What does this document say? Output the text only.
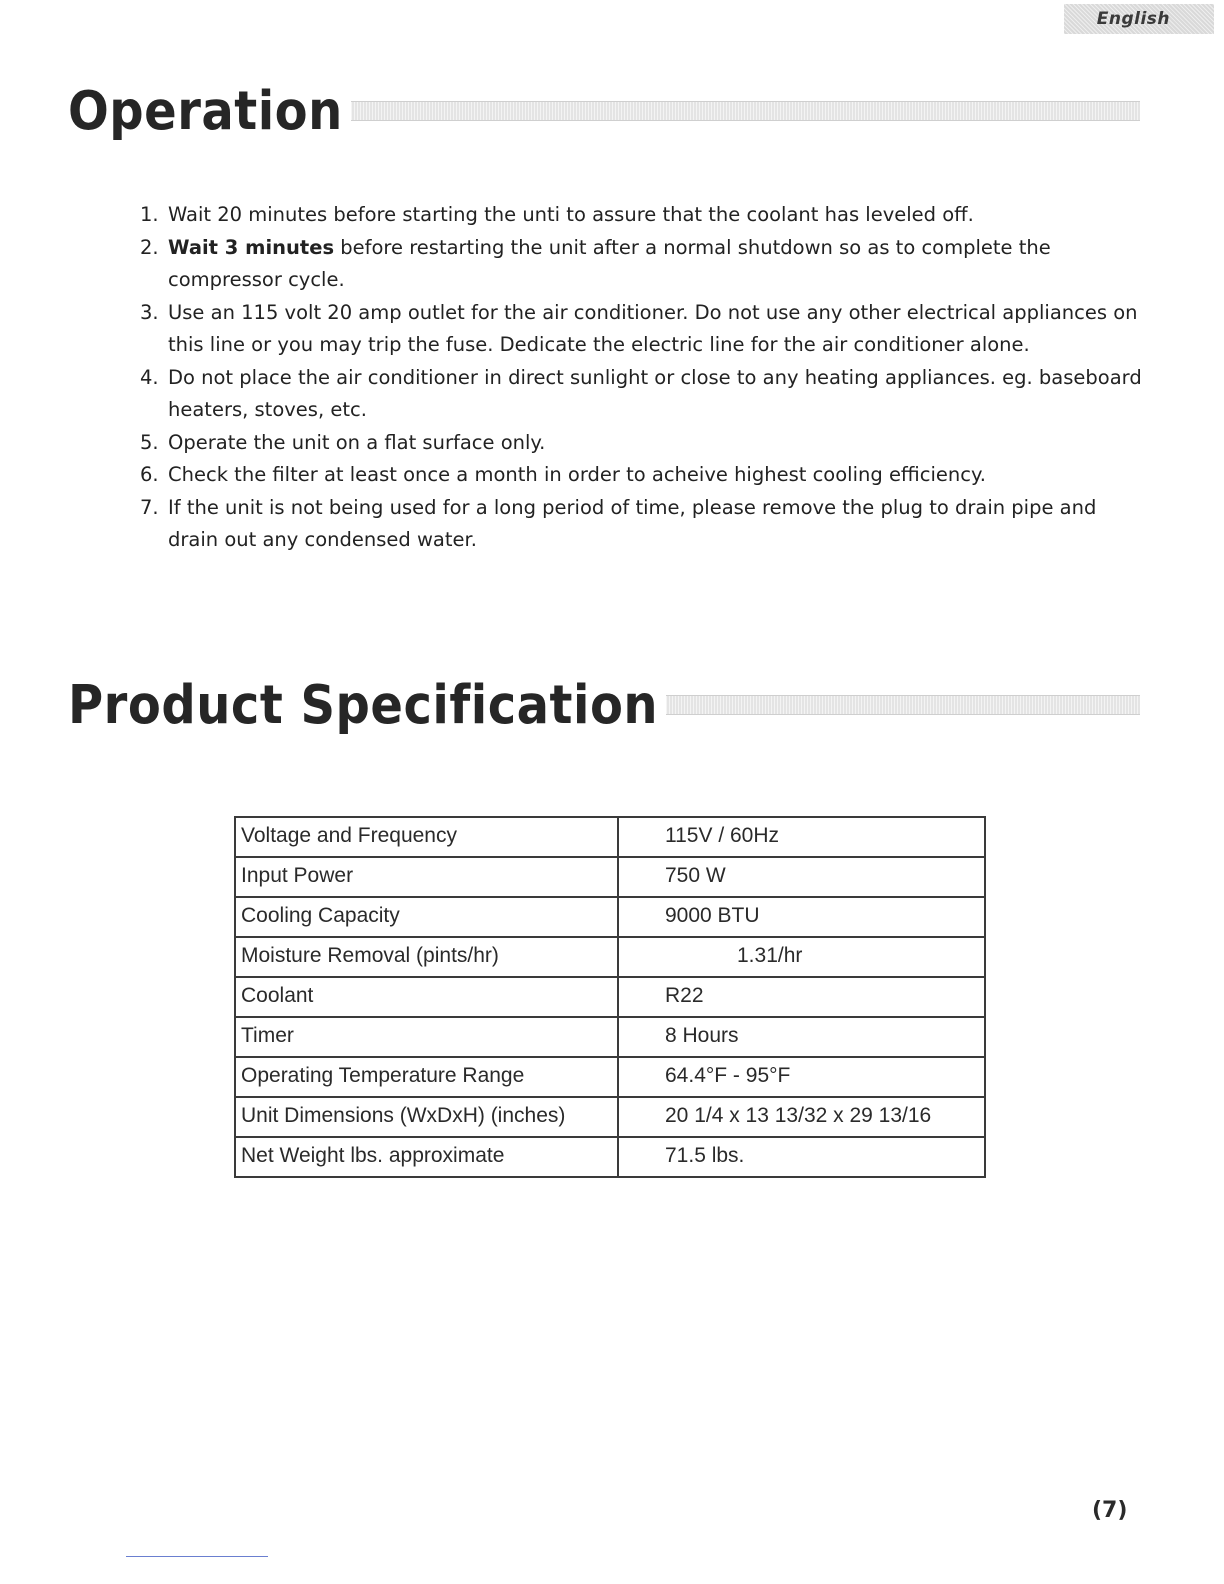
English
Operation
1. Wait 20 minutes before starting the unti to assure that the coolant has leveled off.
2. Wait 3 minutes before restarting the unit after a normal shutdown so as to complete the compressor cycle.
3. Use an 115 volt 20 amp outlet for the air conditioner. Do not use any other electrical appliances on this line or you may trip the fuse. Dedicate the electric line for the air conditioner alone.
4. Do not place the air conditioner in direct sunlight or close to any heating appliances. eg. baseboard heaters, stoves, etc.
5. Operate the unit on a flat surface only.
6. Check the filter at least once a month in order to acheive highest cooling efficiency.
7. If the unit is not being used for a long period of time, please remove the plug to drain pipe and drain out any condensed water.
Product Specification
Voltage and Frequency	115V / 60Hz
Input Power	750 W
Cooling Capacity	9000 BTU
Moisture Removal (pints/hr)	1.31/hr
Coolant	R22
Timer	8 Hours
Operating Temperature Range	64.4°F - 95°F
Unit Dimensions (WxDxH) (inches)	20 1/4 x 13 13/32 x 29 13/16
Net Weight lbs. approximate	71.5 lbs.
(7)
